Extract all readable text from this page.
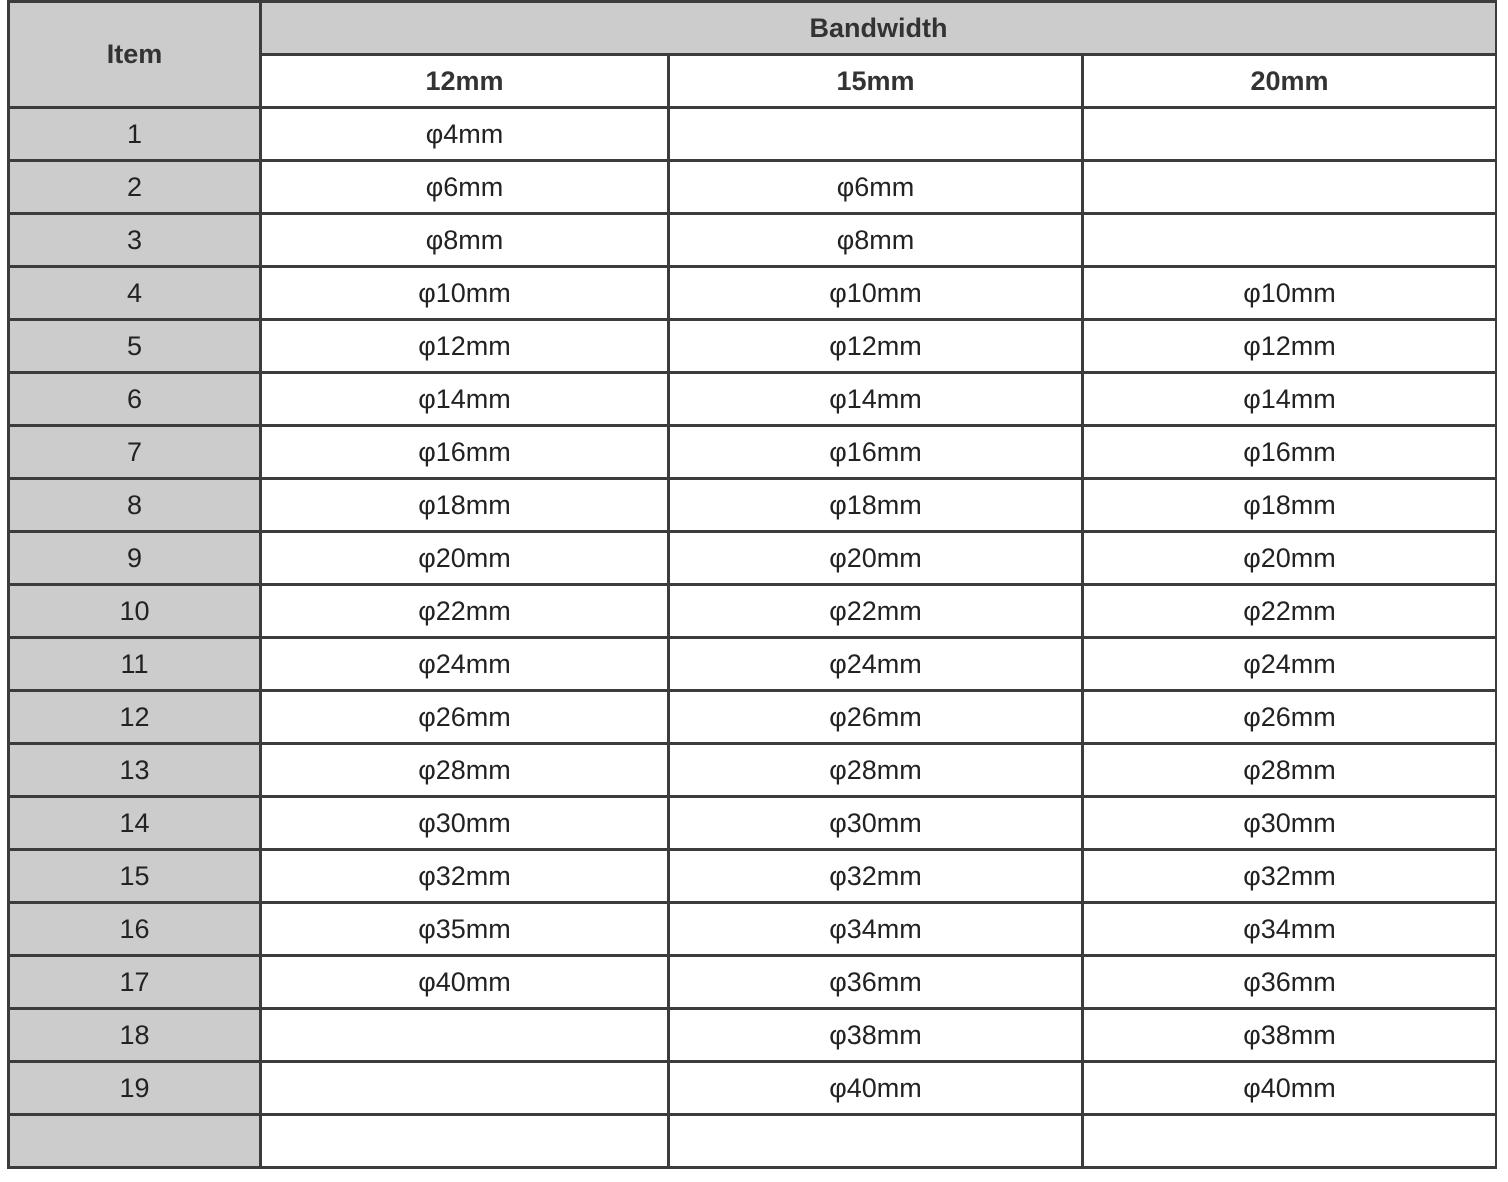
Item	Bandwidth		
	12mm	15mm	20mm
1	φ4mm		
2	φ6mm	φ6mm	
3	φ8mm	φ8mm	
4	φ10mm	φ10mm	φ10mm
5	φ12mm	φ12mm	φ12mm
6	φ14mm	φ14mm	φ14mm
7	φ16mm	φ16mm	φ16mm
8	φ18mm	φ18mm	φ18mm
9	φ20mm	φ20mm	φ20mm
10	φ22mm	φ22mm	φ22mm
11	φ24mm	φ24mm	φ24mm
12	φ26mm	φ26mm	φ26mm
13	φ28mm	φ28mm	φ28mm
14	φ30mm	φ30mm	φ30mm
15	φ32mm	φ32mm	φ32mm
16	φ35mm	φ34mm	φ34mm
17	φ40mm	φ36mm	φ36mm
18		φ38mm	φ38mm
19		φ40mm	φ40mm
